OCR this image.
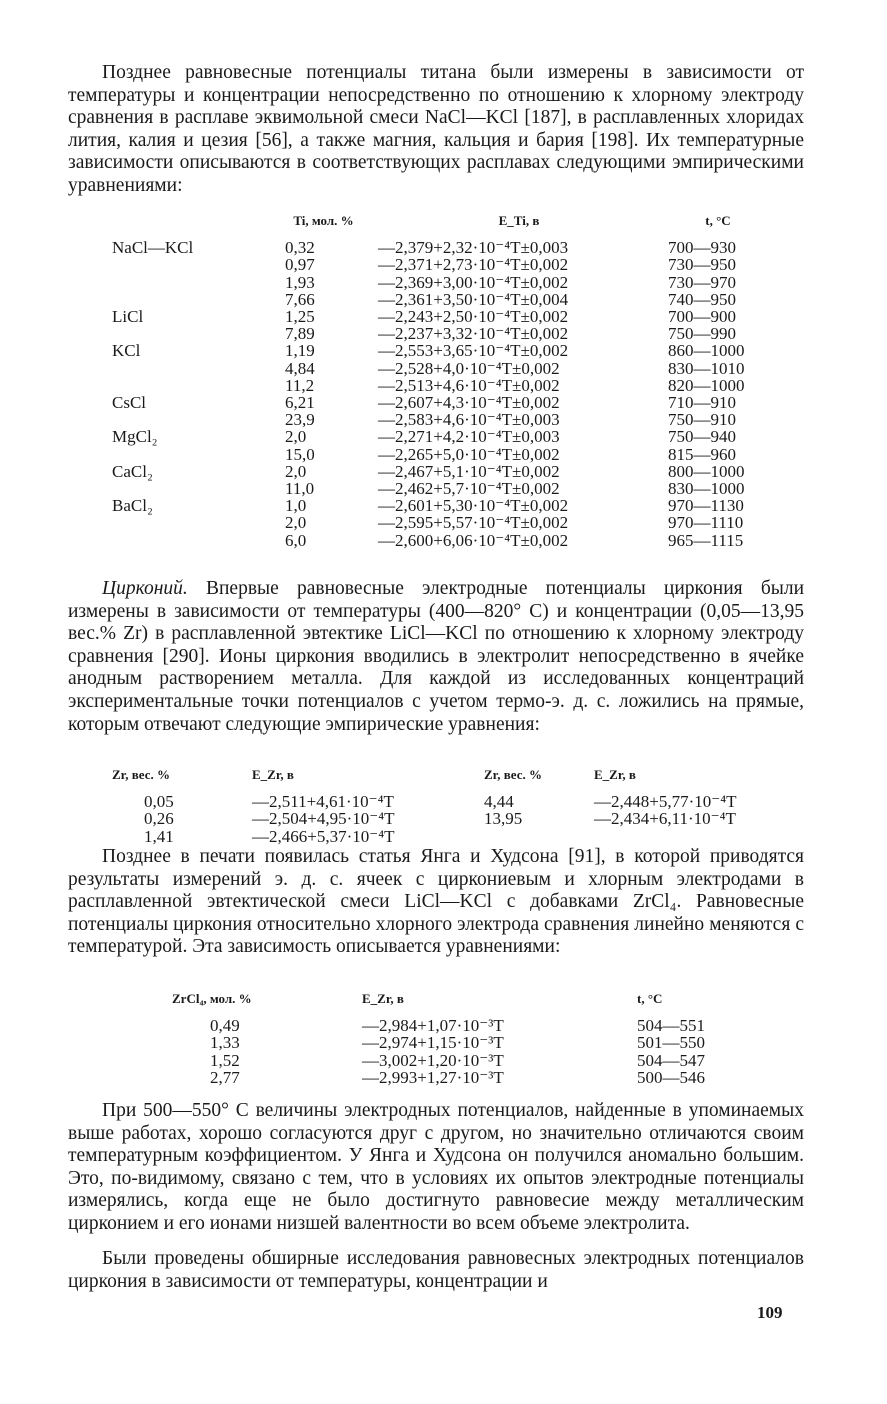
Позднее равновесные потенциалы титана были измерены в зависимости от температуры и концентрации непосредственно по отношению к хлорному электроду сравнения в расплаве эквимольной смеси NaCl—KCl [187], в расплавленных хлоридах лития, калия и цезия [56], а также магния, кальция и бария [198]. Их температурные зависимости описываются в соответствующих расплавах следующими эмпирическими уравнениями:

	Ti, мол. %	E_Ti, в	t, °C
NaCl—KCl	0,32	—2,379+2,32·10⁻⁴T±0,003	700—930
	0,97	—2,371+2,73·10⁻⁴T±0,002	730—950
	1,93	—2,369+3,00·10⁻⁴T±0,002	730—970
	7,66	—2,361+3,50·10⁻⁴T±0,004	740—950
LiCl	1,25	—2,243+2,50·10⁻⁴T±0,002	700—900
	7,89	—2,237+3,32·10⁻⁴T±0,002	750—990
KCl	1,19	—2,553+3,65·10⁻⁴T±0,002	860—1000
	4,84	—2,528+4,0·10⁻⁴T±0,002	830—1010
	11,2	—2,513+4,6·10⁻⁴T±0,002	820—1000
CsCl	6,21	—2,607+4,3·10⁻⁴T±0,002	710—910
	23,9	—2,583+4,6·10⁻⁴T±0,003	750—910
MgCl₂	2,0	—2,271+4,2·10⁻⁴T±0,003	750—940
	15,0	—2,265+5,0·10⁻⁴T±0,002	815—960
CaCl₂	2,0	—2,467+5,1·10⁻⁴T±0,002	800—1000
	11,0	—2,462+5,7·10⁻⁴T±0,002	830—1000
BaCl₂	1,0	—2,601+5,30·10⁻⁴T±0,002	970—1130
	2,0	—2,595+5,57·10⁻⁴T±0,002	970—1110
	6,0	—2,600+6,06·10⁻⁴T±0,002	965—1115

Цирконий. Впервые равновесные электродные потенциалы циркония были измерены в зависимости от температуры (400—820° С) и концентрации (0,05—13,95 вес.% Zr) в расплавленной эвтектике LiCl—KCl по отношению к хлорному электроду сравнения [290]. Ионы циркония вводились в электролит непосредственно в ячейке анодным растворением металла. Для каждой из исследованных концентраций экспериментальные точки потенциалов с учетом термо-э. д. с. ложились на прямые, которым отвечают следующие эмпирические уравнения:

Zr, вес. %	E_Zr, в	Zr, вес. %	E_Zr, в
0,05	—2,511+4,61·10⁻⁴T	4,44	—2,448+5,77·10⁻⁴T
0,26	—2,504+4,95·10⁻⁴T	13,95	—2,434+6,11·10⁻⁴T
1,41	—2,466+5,37·10⁻⁴T		

Позднее в печати появилась статья Янга и Худсона [91], в которой приводятся результаты измерений э. д. с. ячеек с циркониевым и хлорным электродами в расплавленной эвтектической смеси LiCl—KCl с добавками ZrCl₄. Равновесные потенциалы циркония относительно хлорного электрода сравнения линейно меняются с температурой. Эта зависимость описывается уравнениями:

ZrCl₄, мол. %	E_Zr, в	t, °C
0,49	—2,984+1,07·10⁻³T	504—551
1,33	—2,974+1,15·10⁻³T	501—550
1,52	—3,002+1,20·10⁻³T	504—547
2,77	—2,993+1,27·10⁻³T	500—546

При 500—550° С величины электродных потенциалов, найденные в упоминаемых выше работах, хорошо согласуются друг с другом, но значительно отличаются своим температурным коэффициентом. У Янга и Худсона он получился аномально большим. Это, по-видимому, связано с тем, что в условиях их опытов электродные потенциалы измерялись, когда еще не было достигнуто равновесие между металлическим цирконием и его ионами низшей валентности во всем объеме электролита.

Были проведены обширные исследования равновесных электродных потенциалов циркония в зависимости от температуры, концентрации и

109
